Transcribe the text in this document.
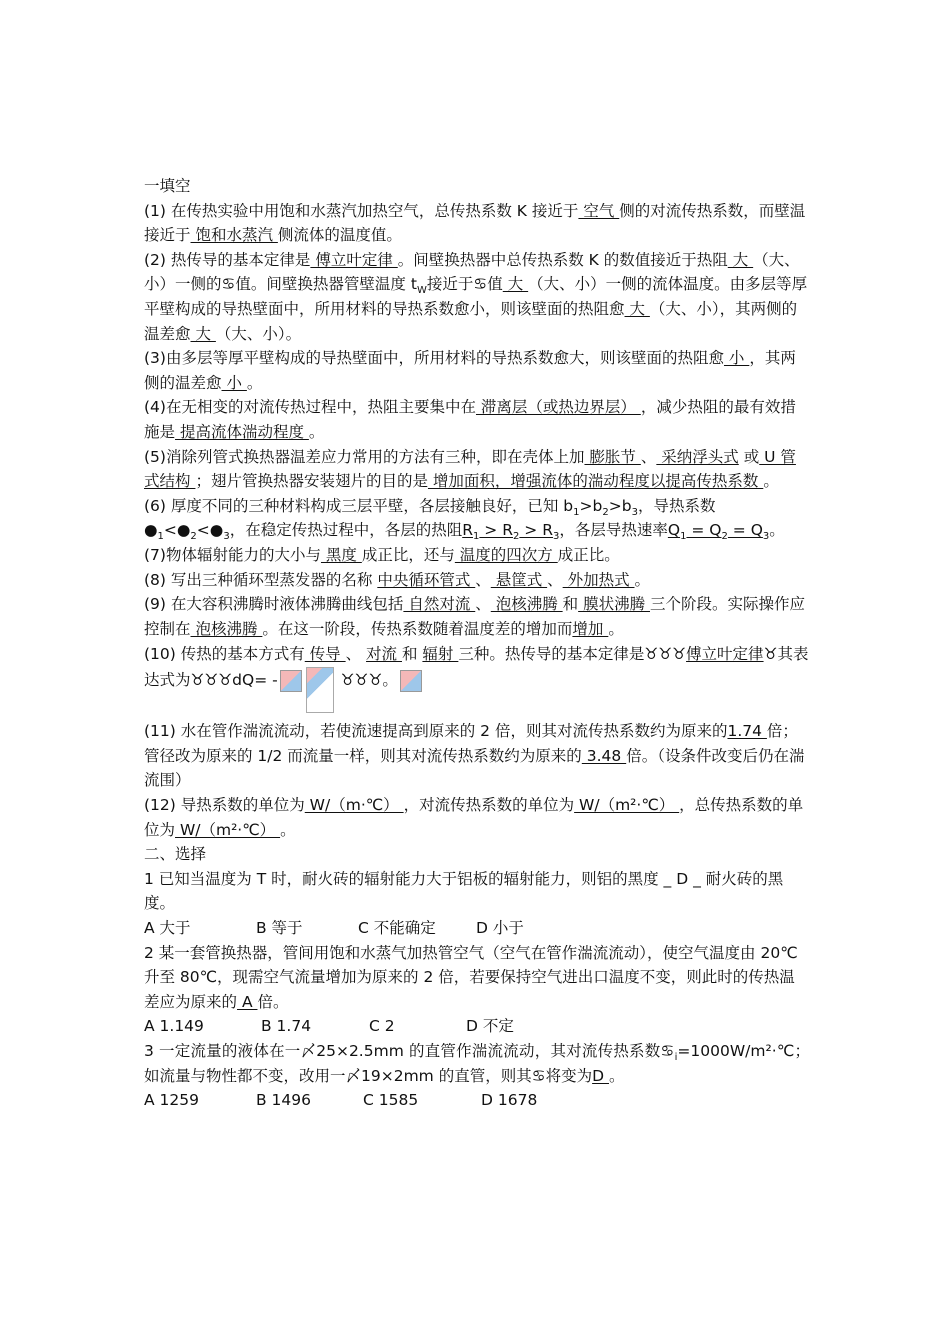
一填空

(1) 在传热实验中用饱和水蒸汽加热空气，总传热系数 K 接近于 空气 侧的对流传热系数，而壁温接近于 饱和水蒸汽 侧流体的温度值。

(2) 热传导的基本定律是 傅立叶定律 。间壁换热器中总传热系数 K 的数值接近于热阻 大 （大、小）一侧的♋值。间壁换热器管壁温度 $t_W$接近于♋值 大 （大、小）一侧的流体温度。由多层等厚平壁构成的导热壁面中，所用材料的导热系数愈小，则该壁面的热阻愈 大 （大、小），其两侧的温差愈 大 （大、小）。

(3)由多层等厚平壁构成的导热壁面中，所用材料的导热系数愈大，则该壁面的热阻愈 小 ，其两侧的温差愈 小 。

(4)在无相变的对流传热过程中，热阻主要集中在 滞离层（或热边界层） ，减少热阻的最有效措施是 提高流体湍动程度 。

(5)消除列管式换热器温差应力常用的方法有三种，即在壳体上加 膨胀节 、 采纳浮头式 或 U 管式结构 ；翅片管换热器安装翅片的目的是 增加面积，增强流体的湍动程度以提高传热系数 。

(6) 厚度不同的三种材料构成三层平壁，各层接触良好，已知 $b_1>b_2>b_3$，导热系数$●_1<●_2<●_3$，在稳定传热过程中，各层的热阻$R_1 > R_2 > R_3$，各层导热速率$Q_1 = Q_2 = Q_3$。

(7)物体辐射能力的大小与 黑度 成正比，还与 温度的四次方 成正比。

(8) 写出三种循环型蒸发器的名称 中央循环管式 、 悬筐式 、 外加热式 。

(9) 在大容积沸腾时液体沸腾曲线包括 自然对流 、 泡核沸腾 和 膜状沸腾 三个阶段。实际操作应控制在 泡核沸腾 。在这一阶段，传热系数随着温度差的增加而增加 。

(10) 传热的基本方式有 传导 、 对流 和 辐射 三种。热传导的基本定律是♉♉♉傅立叶定律♉其表达式为♉♉♉dQ= -	♉♉♉。

(11) 水在管作湍流流动，若使流速提高到原来的 2 倍，则其对流传热系数约为原来的1.74 倍；管径改为原来的 1/2 而流量一样，则其对流传热系数约为原来的 3.48 倍。（设条件改变后仍在湍流围）

(12) 导热系数的单位为 W/（m·℃） ，对流传热系数的单位为 W/（m²·℃） ，总传热系数的单位为 W/（m²·℃） 。

二、选择

1 已知当温度为 T 时，耐火砖的辐射能力大于铝板的辐射能力，则铝的黑度 _ D _ 耐火砖的黑度。

A 大于	B 等于	C 不能确定	D 小于

2 某一套管换热器，管间用饱和水蒸气加热管空气（空气在管作湍流流动），使空气温度由 20℃升至 80℃，现需空气流量增加为原来的 2 倍，若要保持空气进出口温度不变，则此时的传热温差应为原来的 A 倍。

A 1.149	B 1.74	C 2	D 不定

3 一定流量的液体在一〆25×2.5mm 的直管作湍流流动，其对流传热系数$♋_i=1000W/m^2\cdot℃$；如流量与物性都不变，改用一〆19×2mm 的直管，则其♋将变为D 。

A 1259	B 1496	C 1585	D 1678
